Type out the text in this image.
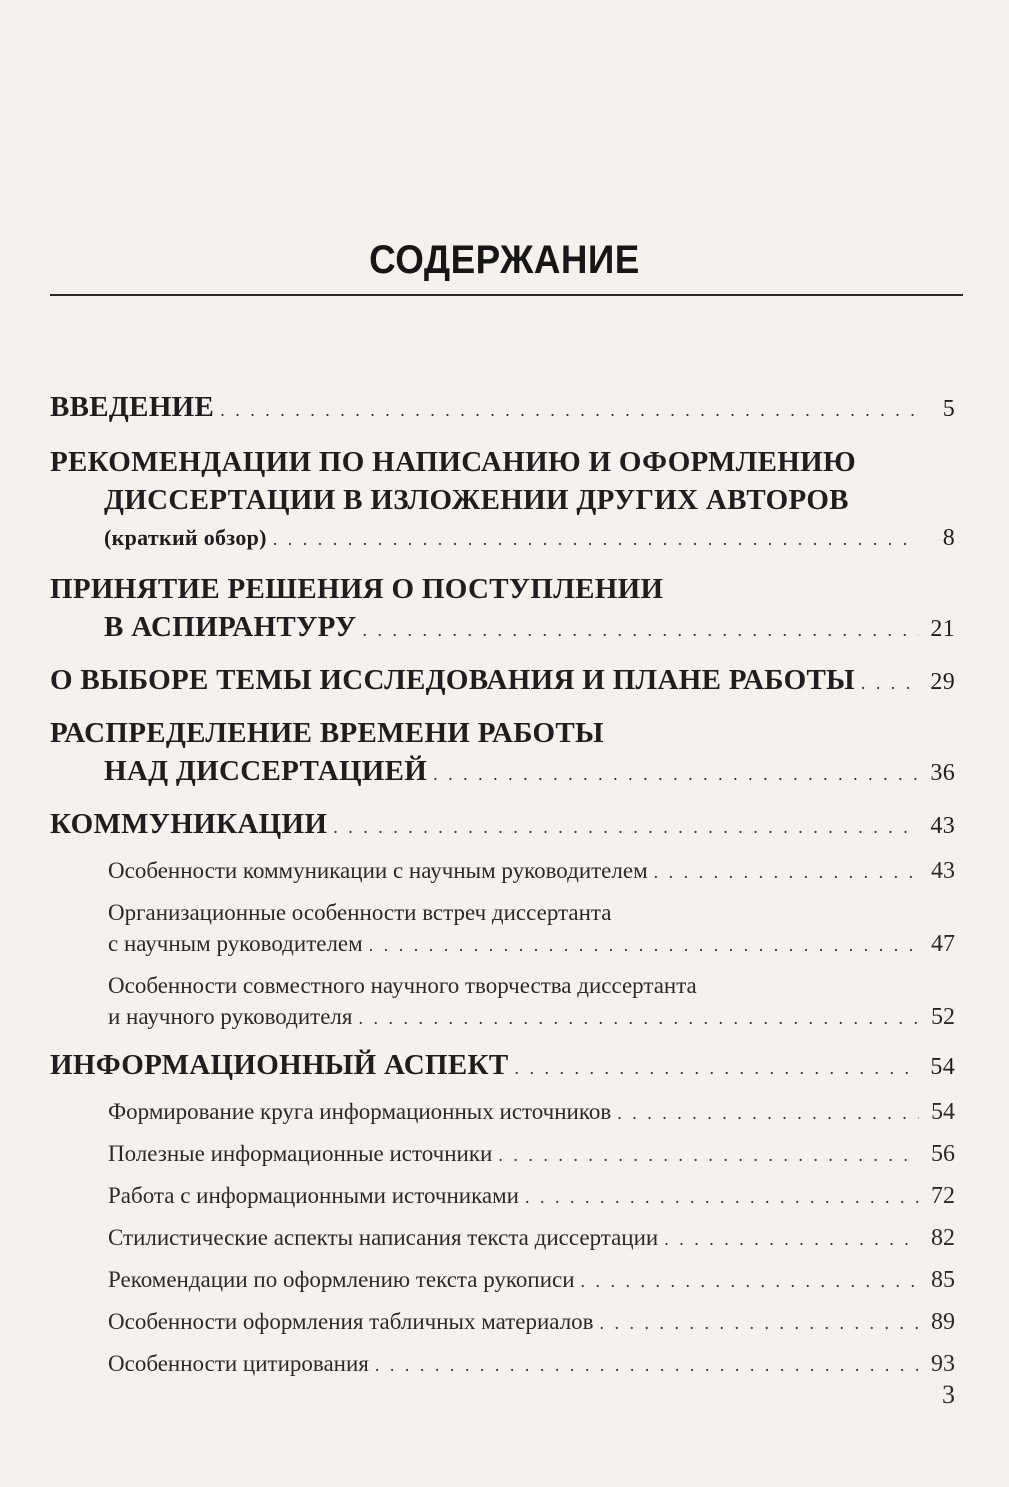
СОДЕРЖАНИЕ
ВВЕДЕНИЕ . . .	5
РЕКОМЕНДАЦИИ ПО НАПИСАНИЮ И ОФОРМЛЕНИЮ
ДИССЕРТАЦИИ В ИЗЛОЖЕНИИ ДРУГИХ АВТОРОВ
(краткий обзор) . . .	8
ПРИНЯТИЕ РЕШЕНИЯ О ПОСТУПЛЕНИИ
В АСПИРАНТУРУ . . .	21
О ВЫБОРЕ ТЕМЫ ИССЛЕДОВАНИЯ И ПЛАНЕ РАБОТЫ . . .	29
РАСПРЕДЕЛЕНИЕ ВРЕМЕНИ РАБОТЫ
НАД ДИССЕРТАЦИЕЙ . . .	36
КОММУНИКАЦИИ . . .	43
Особенности коммуникации с научным руководителем . . .	43
Организационные особенности встреч диссертанта
с научным руководителем . . .	47
Особенности совместного научного творчества диссертанта
и научного руководителя . . .	52
ИНФОРМАЦИОННЫЙ АСПЕКТ . . .	54
Формирование круга информационных источников . . .	54
Полезные информационные источники . . .	56
Работа с информационными источниками . . .	72
Стилистические аспекты написания текста диссертации . . .	82
Рекомендации по оформлению текста рукописи . . .	85
Особенности оформления табличных материалов . . .	89
Особенности цитирования . . .	93
3
